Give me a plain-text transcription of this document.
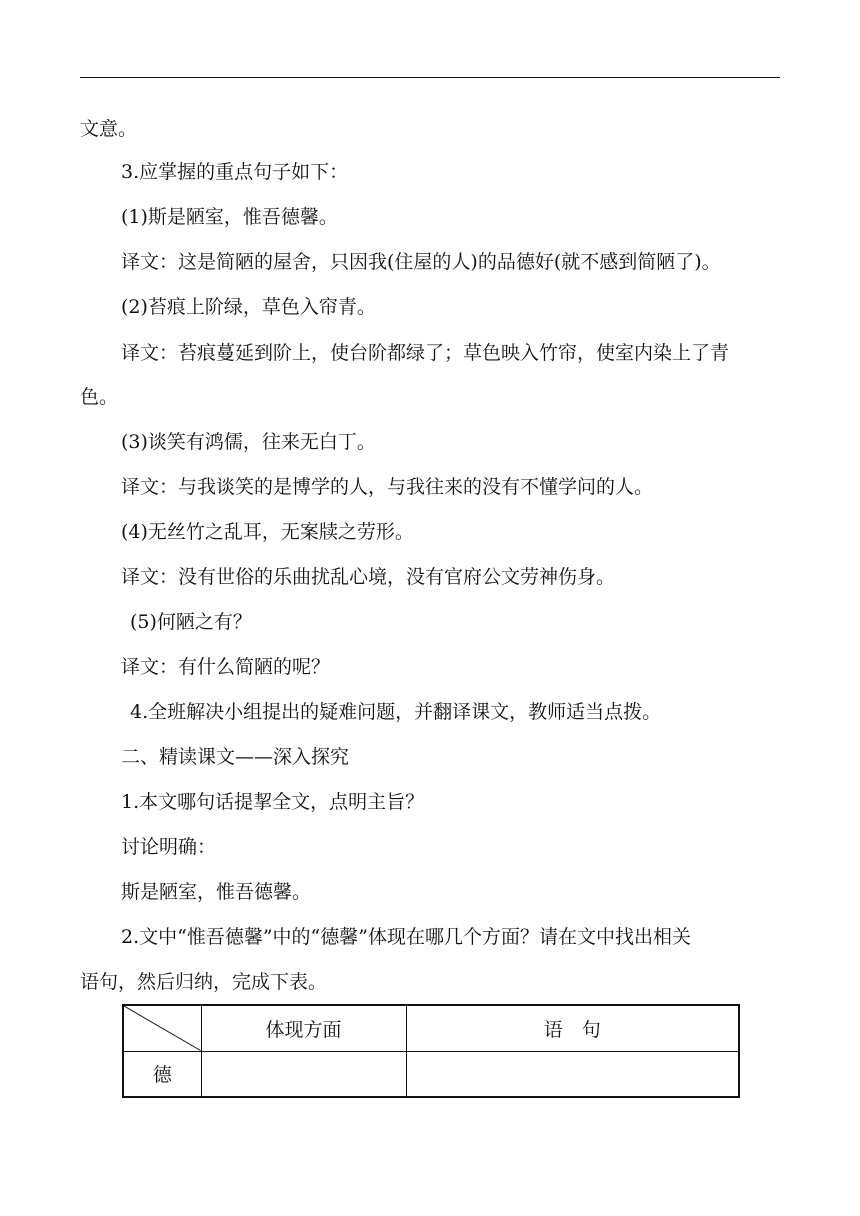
文意。
3.应掌握的重点句子如下：
(1)斯是陋室，惟吾德馨。
译文：这是简陋的屋舍，只因我(住屋的人)的品德好(就不感到简陋了)。
(2)苔痕上阶绿，草色入帘青。
译文：苔痕蔓延到阶上，使台阶都绿了；草色映入竹帘，使室内染上了青
色。
(3)谈笑有鸿儒，往来无白丁。
译文：与我谈笑的是博学的人，与我往来的没有不懂学问的人。
(4)无丝竹之乱耳，无案牍之劳形。
译文：没有世俗的乐曲扰乱心境，没有官府公文劳神伤身。
(5)何陋之有？
译文：有什么简陋的呢？
4.全班解决小组提出的疑难问题，并翻译课文，教师适当点拨。
二、精读课文——深入探究
1.本文哪句话提挈全文，点明主旨？
讨论明确：
斯是陋室，惟吾德馨。
2.文中“惟吾德馨”中的“德馨”体现在哪几个方面？请在文中找出相关
语句，然后归纳，完成下表。
	体现方面	语　句
德		
